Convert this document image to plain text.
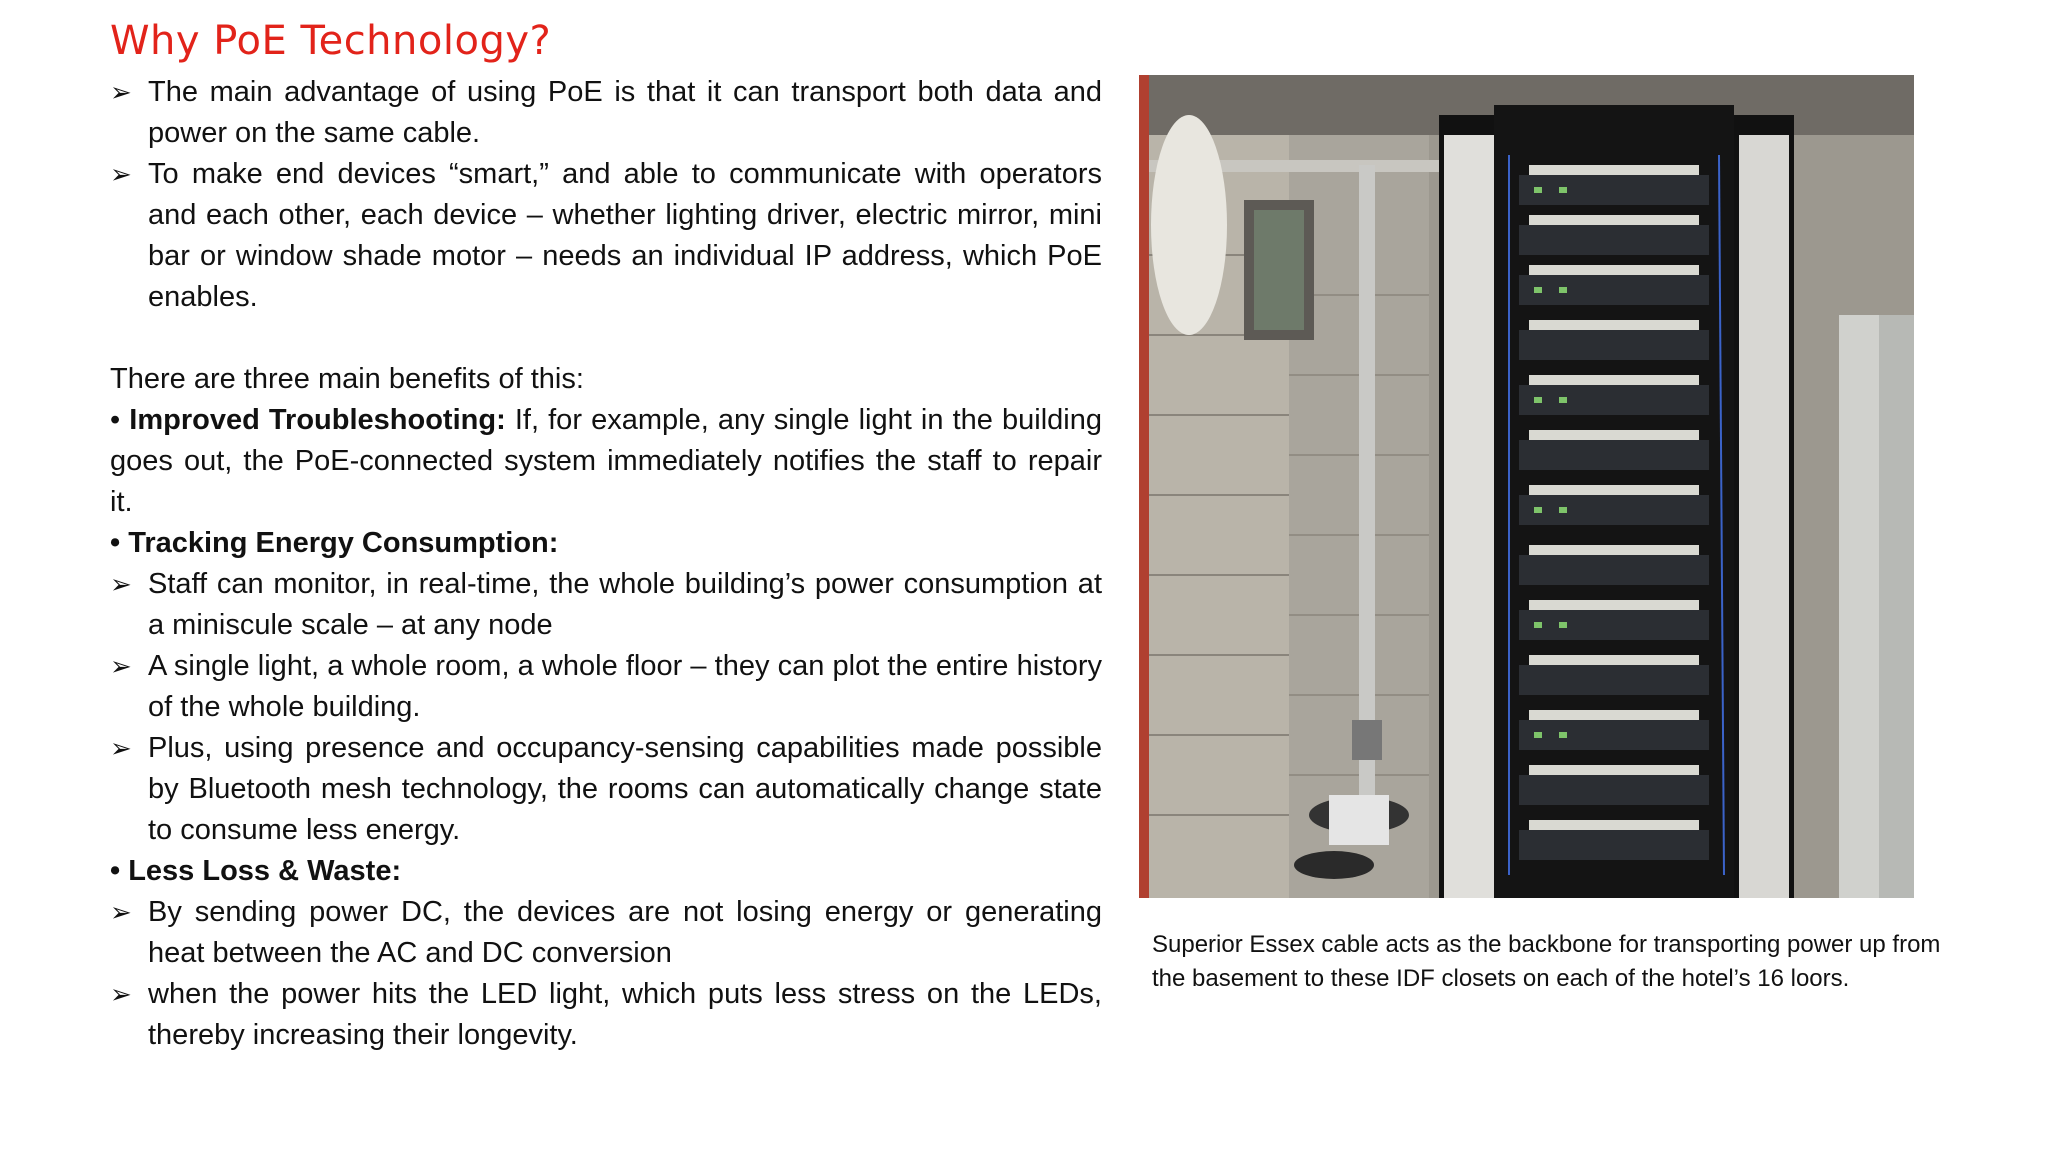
Why PoE Technology?
➢ The main advantage of using PoE is that it can transport both data and power on the same cable.
➢ To make end devices “smart,” and able to communicate with operators and each other, each device – whether lighting driver, electric mirror, mini bar or window shade motor – needs an individual IP address, which PoE enables.
There are three main benefits of this:
• Improved Troubleshooting: If, for example, any single light in the building goes out, the PoE-connected system immediately notifies the staff to repair it.
• Tracking Energy Consumption:
➢ Staff can monitor, in real-time, the whole building’s power consumption at a miniscule scale – at any node
➢ A single light, a whole room, a whole floor – they can plot the entire history of the whole building.
➢ Plus, using presence and occupancy-sensing capabilities made possible by Bluetooth mesh technology, the rooms can automatically change state to consume less energy.
• Less Loss & Waste:
➢ By sending power DC, the devices are not losing energy or generating heat between the AC and DC conversion
➢ when the power hits the LED light, which puts less stress on the LEDs, thereby increasing their longevity.
Superior Essex cable acts as the backbone for transporting power up from the basement to these IDF closets on each of the hotel’s 16 loors.
